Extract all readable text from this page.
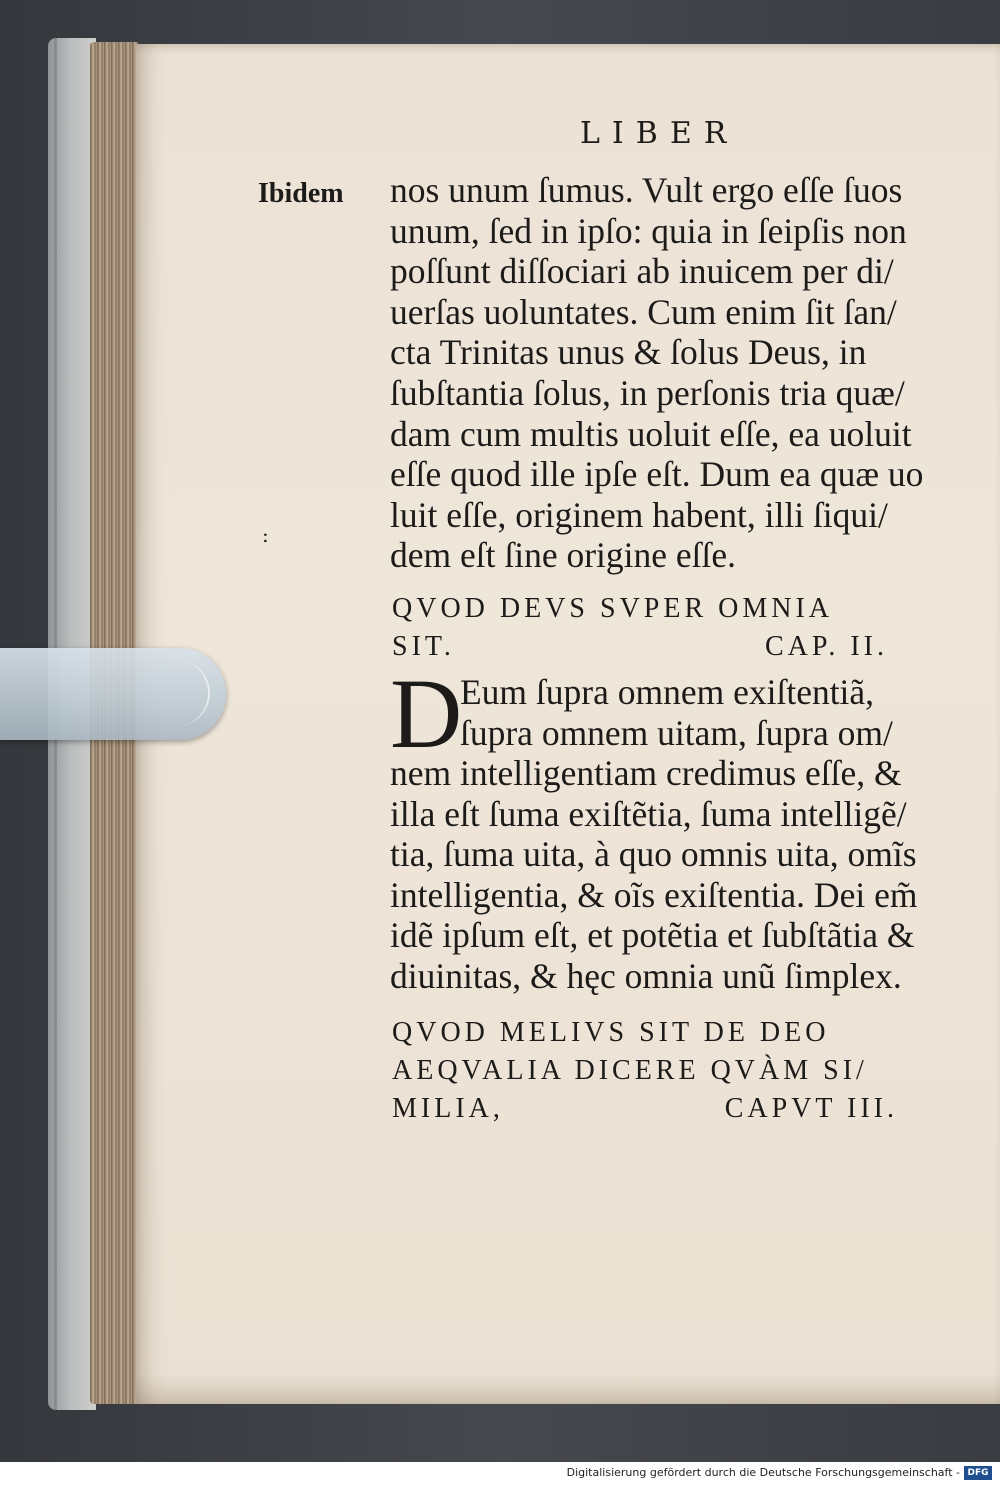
LIBER
Ibidem
:
nos unum ſumus. Vult ergo eſſe ſuos
unum, ſed in ipſo: quia in ſeipſis non
poſſunt diſſociari ab inuicem per di/
uerſas uoluntates. Cum enim ſit ſan/
cta Trinitas unus & ſolus Deus, in
ſubſtantia ſolus, in perſonis tria quæ/
dam cum multis uoluit eſſe, ea uoluit
eſſe quod ille ipſe eſt. Dum ea quæ uo
luit eſſe, originem habent, illi ſiqui/
dem eſt ſine origine eſſe.
QVOD DEVS SVPER OMNIA
SIT.	CAP. II.
D
Eum ſupra omnem exiſtentiã,
ſupra omnem uitam, ſupra om/
nem intelligentiam credimus eſſe, &
illa eſt ſuma exiſtẽtia, ſuma intelligẽ/
tia, ſuma uita, à quo omnis uita, omĩs
intelligentia, & oĩs exiſtentia. Dei em̃
idẽ ipſum eſt, et potẽtia et ſubſtãtia &
diuinitas, & hęc omnia unũ ſimplex.
QVOD MELIVS SIT DE DEO
AEQVALIA DICERE QVÀM SI/
MILIA,	CAPVT III.
Digitalisierung gefördert durch die Deutsche Forschungsgemeinschaft - DFG
